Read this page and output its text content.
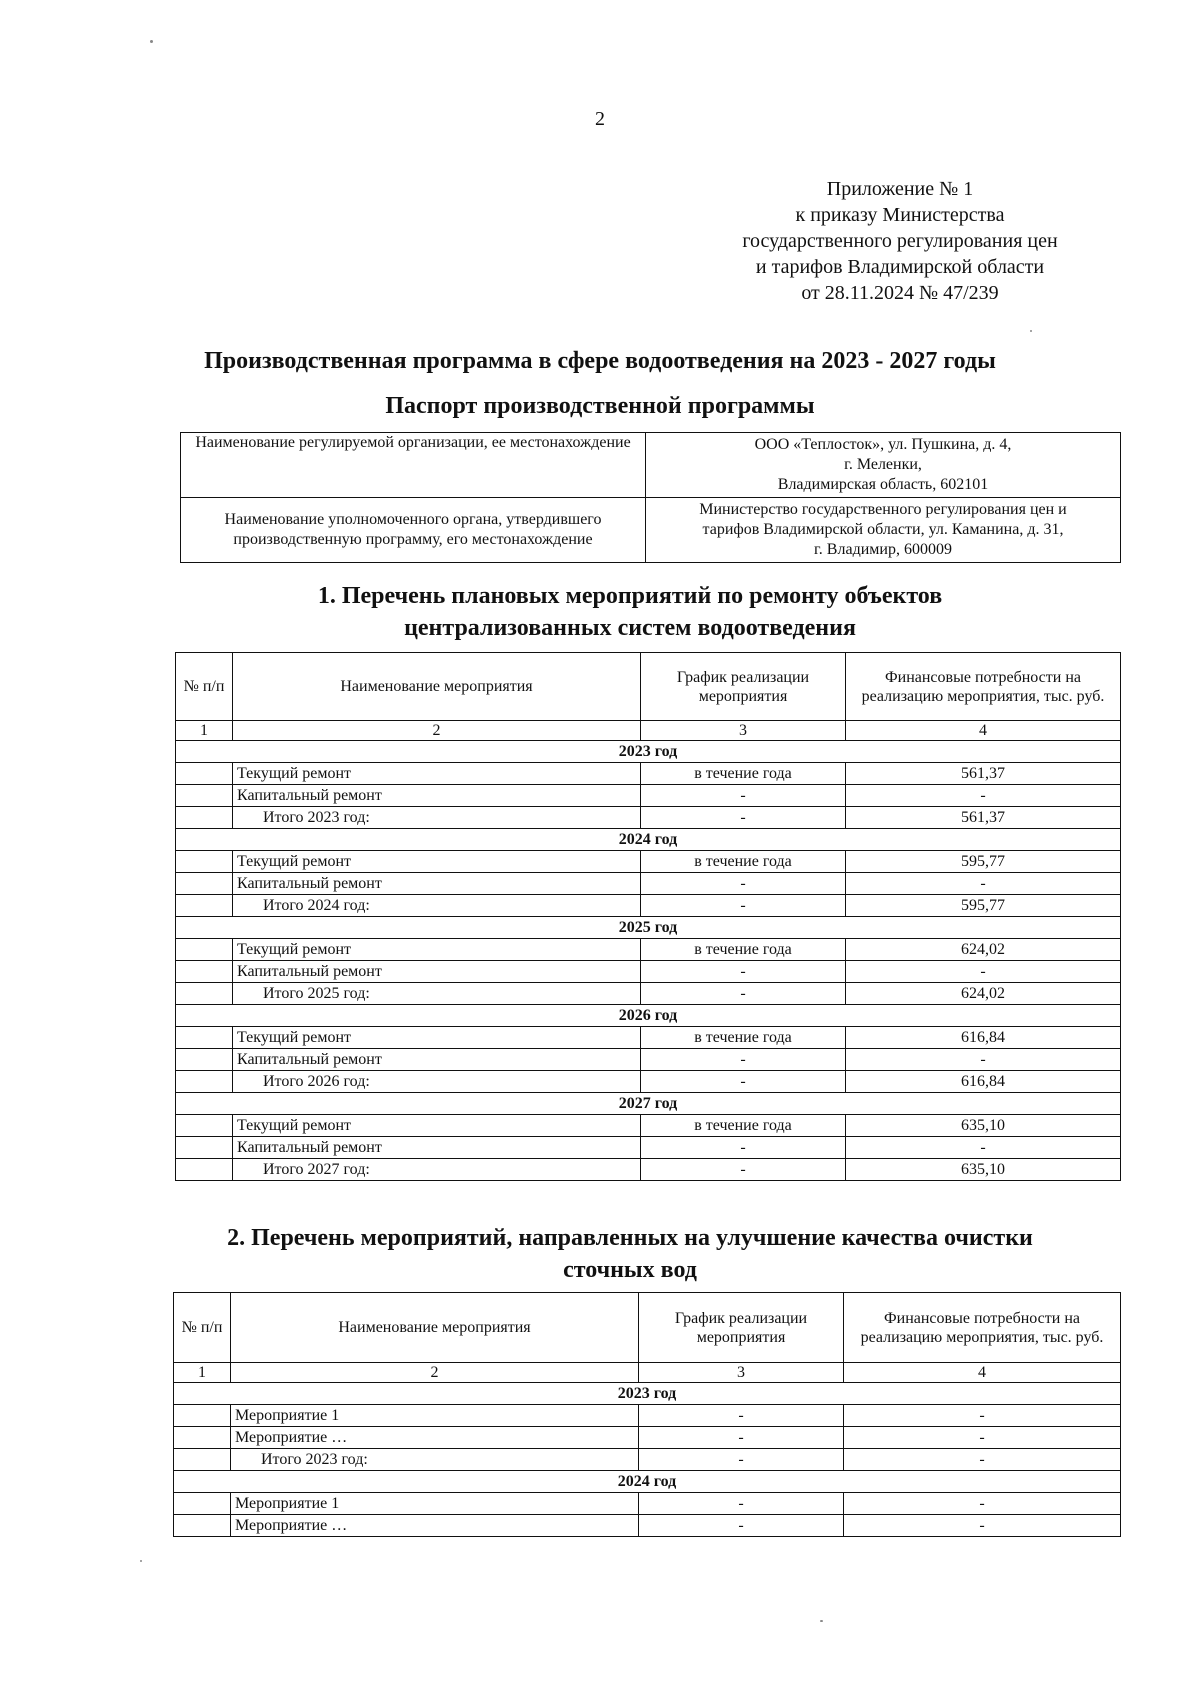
2
Приложение № 1
к приказу Министерства
государственного регулирования цен
и тарифов Владимирской области
от 28.11.2024 № 47/239
Производственная программа в сфере водоотведения на 2023 - 2027 годы
Паспорт производственной программы
Наименование регулируемой организации, ее местонахождение	ООО «Теплосток», ул. Пушкина, д. 4,
г. Меленки,
Владимирская область, 602101

Наименование уполномоченного органа, утвердившего производственную программу, его местонахождение	Министерство государственного регулирования цен и
тарифов Владимирской области, ул. Каманина, д. 31,
г. Владимир, 600009
1. Перечень плановых мероприятий по ремонту объектов
централизованных систем водоотведения
№ п/п	Наименование мероприятия	График реализации мероприятия	Финансовые потребности на реализацию мероприятия, тыс. руб.
1	2	3	4
2023 год			
	Текущий ремонт	в течение года	561,37
	Капитальный ремонт	-	-
	Итого 2023 год:	-	561,37
2024 год			
	Текущий ремонт	в течение года	595,77
	Капитальный ремонт	-	-
	Итого 2024 год:	-	595,77
2025 год			
	Текущий ремонт	в течение года	624,02
	Капитальный ремонт	-	-
	Итого 2025 год:	-	624,02
2026 год			
	Текущий ремонт	в течение года	616,84
	Капитальный ремонт	-	-
	Итого 2026 год:	-	616,84
2027 год			
	Текущий ремонт	в течение года	635,10
	Капитальный ремонт	-	-
	Итого 2027 год:	-	635,10
2. Перечень мероприятий, направленных на улучшение качества очистки
сточных вод
№ п/п	Наименование мероприятия	График реализации мероприятия	Финансовые потребности на реализацию мероприятия, тыс. руб.
1	2	3	4
2023 год			
	Мероприятие 1	-	-
	Мероприятие …	-	-
	Итого 2023 год:	-	-
2024 год			
	Мероприятие 1	-	-
	Мероприятие …	-	-
